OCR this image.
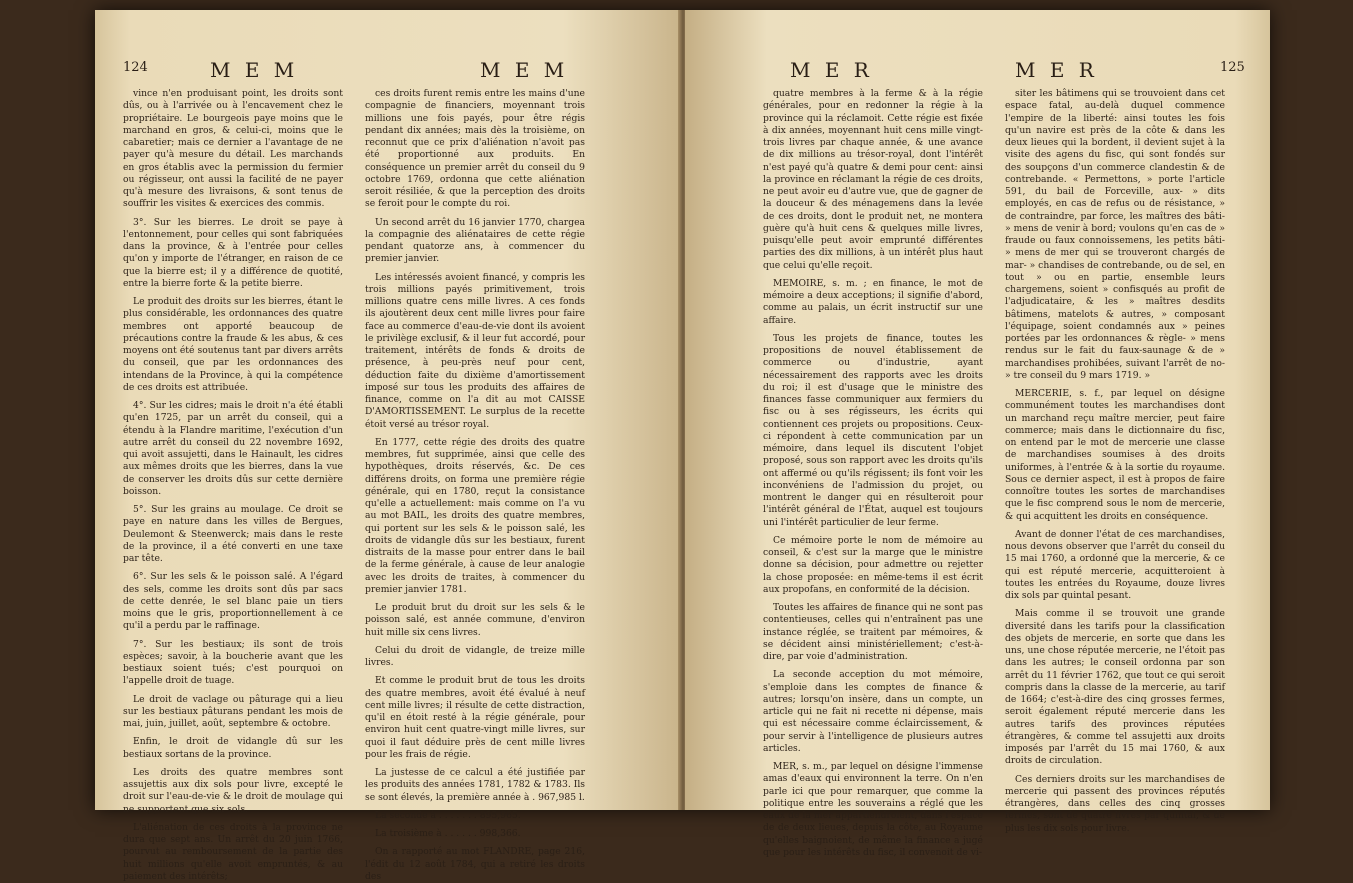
124	M E M	M E M

vince n'en produisant point, les droits sont dûs, ou à l'arrivée ou à l'encavement chez le propriétaire. Le bourgeois paye moins que le marchand en gros, & celui-ci, moins que le cabaretier; mais ce dernier a l'avantage de ne payer qu'à mesure du détail. Les marchands en gros établis avec la permission du fermier ou régisseur, ont aussi la facilité de ne payer qu'à mesure des livraisons, & sont tenus de souffrir les visites & exercices des commis.

3°. Sur les bierres. Le droit se paye à l'entonnement, pour celles qui sont fabriquées dans la province, & à l'entrée pour celles qu'on y importe de l'étranger, en raison de ce que la bierre est; il y a différence de quotité, entre la bierre forte & la petite bierre.

Le produit des droits sur les bierres, étant le plus considérable, les ordonnances des quatre membres ont apporté beaucoup de précautions contre la fraude & les abus, & ces moyens ont été soutenus tant par divers arrêts du conseil, que par les ordonnances des intendans de la Province, à qui la compétence de ces droits est attribuée.

4°. Sur les cidres; mais le droit n'a été établi qu'en 1725, par un arrêt du conseil, qui a étendu à la Flandre maritime, l'exécution d'un autre arrêt du conseil du 22 novembre 1692, qui avoit assujetti, dans le Hainault, les cidres aux mêmes droits que les bierres, dans la vue de conserver les droits dûs sur cette dernière boisson.

5°. Sur les grains au moulage. Ce droit se paye en nature dans les villes de Bergues, Deulemont & Steenwerck; mais dans le reste de la province, il a été converti en une taxe par tête.

6°. Sur les sels & le poisson salé. A l'égard des sels, comme les droits sont dûs par sacs de cette denrée, le sel blanc paie un tiers moins que le gris, proportionnellement à ce qu'il a perdu par le raffinage.

7°. Sur les bestiaux; ils sont de trois espèces; savoir, à la boucherie avant que les bestiaux soient tués; c'est pourquoi on l'appelle droit de tuage.

Le droit de vaclage ou pâturage qui a lieu sur les bestiaux pâturans pendant les mois de mai, juin, juillet, août, septembre & octobre.

Enfin, le droit de vidangle dû sur les bestiaux sortans de la province.

Les droits des quatre membres sont assujettis aux dix sols pour livre, excepté le droit sur l'eau-de-vie & le droit de moulage qui ne supportent que six sols.

L'aliénation de ces droits à la province ne dura que sept ans. Un arrêt du 20 juin 1766, pourvut au remboursement de la partie des huit millions qu'elle avoit empruntés, & au paiement des intérêts;

ces droits furent remis entre les mains d'une compagnie de financiers, moyennant trois millions une fois payés, pour être régis pendant dix années; mais dès la troisième, on reconnut que ce prix d'aliénation n'avoit pas été proportionné aux produits. En conséquence un premier arrêt du conseil du 9 octobre 1769, ordonna que cette aliénation seroit résiliée, & que la perception des droits se feroit pour le compte du roi.

Un second arrêt du 16 janvier 1770, chargea la compagnie des aliénataires de cette régie pendant quatorze ans, à commencer du premier janvier.

Les intéressés avoient financé, y compris les trois millions payés primitivement, trois millions quatre cens mille livres. A ces fonds ils ajoutèrent deux cent mille livres pour faire face au commerce d'eau-de-vie dont ils avoient le privilège exclusif, & il leur fut accordé, pour traitement, intérêts de fonds & droits de présence, à peu-près neuf pour cent, déduction faite du dixième d'amortissement imposé sur tous les produits des affaires de finance, comme on l'a dit au mot CAISSE D'AMORTISSEMENT. Le surplus de la recette étoit versé au trésor royal.

En 1777, cette régie des droits des quatre membres, fut supprimée, ainsi que celle des hypothèques, droits réservés, &c. De ces différens droits, on forma une première régie générale, qui en 1780, reçut la consistance qu'elle a actuellement: mais comme on l'a vu au mot BAIL, les droits des quatre membres, qui portent sur les sels & le poisson salé, les droits de vidangle dûs sur les bestiaux, furent distraits de la masse pour entrer dans le bail de la ferme générale, à cause de leur analogie avec les droits de traites, à commencer du premier janvier 1781.

Le produit brut du droit sur les sels & le poisson salé, est année commune, d'environ huit mille six cens livres.

Celui du droit de vidangle, de treize mille livres.

Et comme le produit brut de tous les droits des quatre membres, avoit été évalué à neuf cent mille livres; il résulte de cette distraction, qu'il en étoit resté à la régie générale, pour environ huit cent quatre-vingt mille livres, sur quoi il faut déduire près de cent mille livres pour les frais de régie.

La justesse de ce calcul a été justifiée par les produits des années 1781, 1782 & 1783. Ils se sont élevés, la première année à . 967,985 l.

La seconde à . . . . . . . 895,965.

La troisième à . . . . . . 998,366.

On a rapporté au mot FLANDRE, page 216, l'édit du 12 août 1784, qui a retiré les droits des

M E R	M E R	125

quatre membres à la ferme & à la régie générales, pour en redonner la régie à la province qui la réclamoit. Cette régie est fixée à dix années, moyennant huit cens mille vingt-trois livres par chaque année, & une avance de dix millions au trésor-royal, dont l'intérêt n'est payé qu'à quatre & demi pour cent: ainsi la province en réclamant la régie de ces droits, ne peut avoir eu d'autre vue, que de gagner de la douceur & des ménagemens dans la levée de ces droits, dont le produit net, ne montera guère qu'à huit cens & quelques mille livres, puisqu'elle peut avoir emprunté différentes parties des dix millions, à un intérêt plus haut que celui qu'elle reçoit.

MEMOIRE, s. m. ; en finance, le mot de mémoire a deux acceptions; il signifie d'abord, comme au palais, un écrit instructif sur une affaire.

Tous les projets de finance, toutes les propositions de nouvel établissement de commerce ou d'industrie, ayant nécessairement des rapports avec les droits du roi; il est d'usage que le ministre des finances fasse communiquer aux fermiers du fisc ou à ses régisseurs, les écrits qui contiennent ces projets ou propositions. Ceux-ci répondent à cette communication par un mémoire, dans lequel ils discutent l'objet proposé, sous son rapport avec les droits qu'ils ont affermé ou qu'ils régissent; ils font voir les inconvéniens de l'admission du projet, ou montrent le danger qui en résulteroit pour l'intérêt général de l'État, auquel est toujours uni l'intérêt particulier de leur ferme.

Ce mémoire porte le nom de mémoire au conseil, & c'est sur la marge que le ministre donne sa décision, pour admettre ou rejetter la chose proposée: en même-tems il est écrit aux propofans, en conformité de la décision.

Toutes les affaires de finance qui ne sont pas contentieuses, celles qui n'entraînent pas une instance réglée, se traitent par mémoires, & se décident ainsi ministériellement; c'est-à-dire, par voie d'administration.

La seconde acception du mot mémoire, s'emploie dans les comptes de finance & autres; lorsqu'on insère, dans un compte, un article qui ne fait ni recette ni dépense, mais qui est nécessaire comme éclaircissement, & pour servir à l'intelligence de plusieurs autres articles.

MER, s. m., par lequel on désigne l'immense amas d'eaux qui environnent la terre. On n'en parle ici que pour remarquer, que comme la politique entre les souverains a réglé que les eaux de la mer appartiendroient, dans l'espace de de deux lieues, depuis la côte, au Royaume qu'elles baignoient, de même la finance a jugé que pour les intérêts du fisc, il convenoit de vi-

siter les bâtimens qui se trouvoient dans cet espace fatal, au-delà duquel commence l'empire de la liberté: ainsi toutes les fois qu'un navire est près de la côte & dans les deux lieues qui la bordent, il devient sujet à la visite des agens du fisc, qui sont fondés sur des soupçons d'un commerce clandestin & de contrebande. « Permettons, » porte l'article 591, du bail de Forceville, aux- » dits employés, en cas de refus ou de résistance, » de contraindre, par force, les maîtres des bâti- » mens de venir à bord; voulons qu'en cas de » fraude ou faux connoissemens, les petits bâti- » mens de mer qui se trouveront chargés de mar- » chandises de contrebande, ou de sel, en tout » ou en partie, ensemble leurs chargemens, soient » confisqués au profit de l'adjudicataire, & les » maîtres desdits bâtimens, matelots & autres, » composant l'équipage, soient condamnés aux » peines portées par les ordonnances & règle- » mens rendus sur le fait du faux-saunage & de » marchandises prohibées, suivant l'arrêt de no- » tre conseil du 9 mars 1719. »

MERCERIE, s. f., par lequel on désigne communément toutes les marchandises dont un marchand reçu maître mercier, peut faire commerce; mais dans le dictionnaire du fisc, on entend par le mot de mercerie une classe de marchandises soumises à des droits uniformes, à l'entrée & à la sortie du royaume. Sous ce dernier aspect, il est à propos de faire connoître toutes les sortes de marchandises que le fisc comprend sous le nom de mercerie, & qui acquittent les droits en conséquence.

Avant de donner l'état de ces marchandises, nous devons observer que l'arrêt du conseil du 15 mai 1760, a ordonné que la mercerie, & ce qui est réputé mercerie, acquitteroient à toutes les entrées du Royaume, douze livres dix sols par quintal pesant.

Mais comme il se trouvoit une grande diversité dans les tarifs pour la classification des objets de mercerie, en sorte que dans les uns, une chose réputée mercerie, ne l'étoit pas dans les autres; le conseil ordonna par son arrêt du 11 février 1762, que tout ce qui seroit compris dans la classe de la mercerie, au tarif de 1664; c'est-à-dire des cinq grosses fermes, seroit également réputé mercerie dans les autres tarifs des provinces réputées étrangères, & comme tel assujetti aux droits imposés par l'arrêt du 15 mai 1760, & aux droits de circulation.

Ces derniers droits sur les marchandises de mercerie qui passent des provinces réputés étrangères, dans celles des cinq grosses fermes, sont de quatre livres par quintal, & de plus les dix sols pour livre.
